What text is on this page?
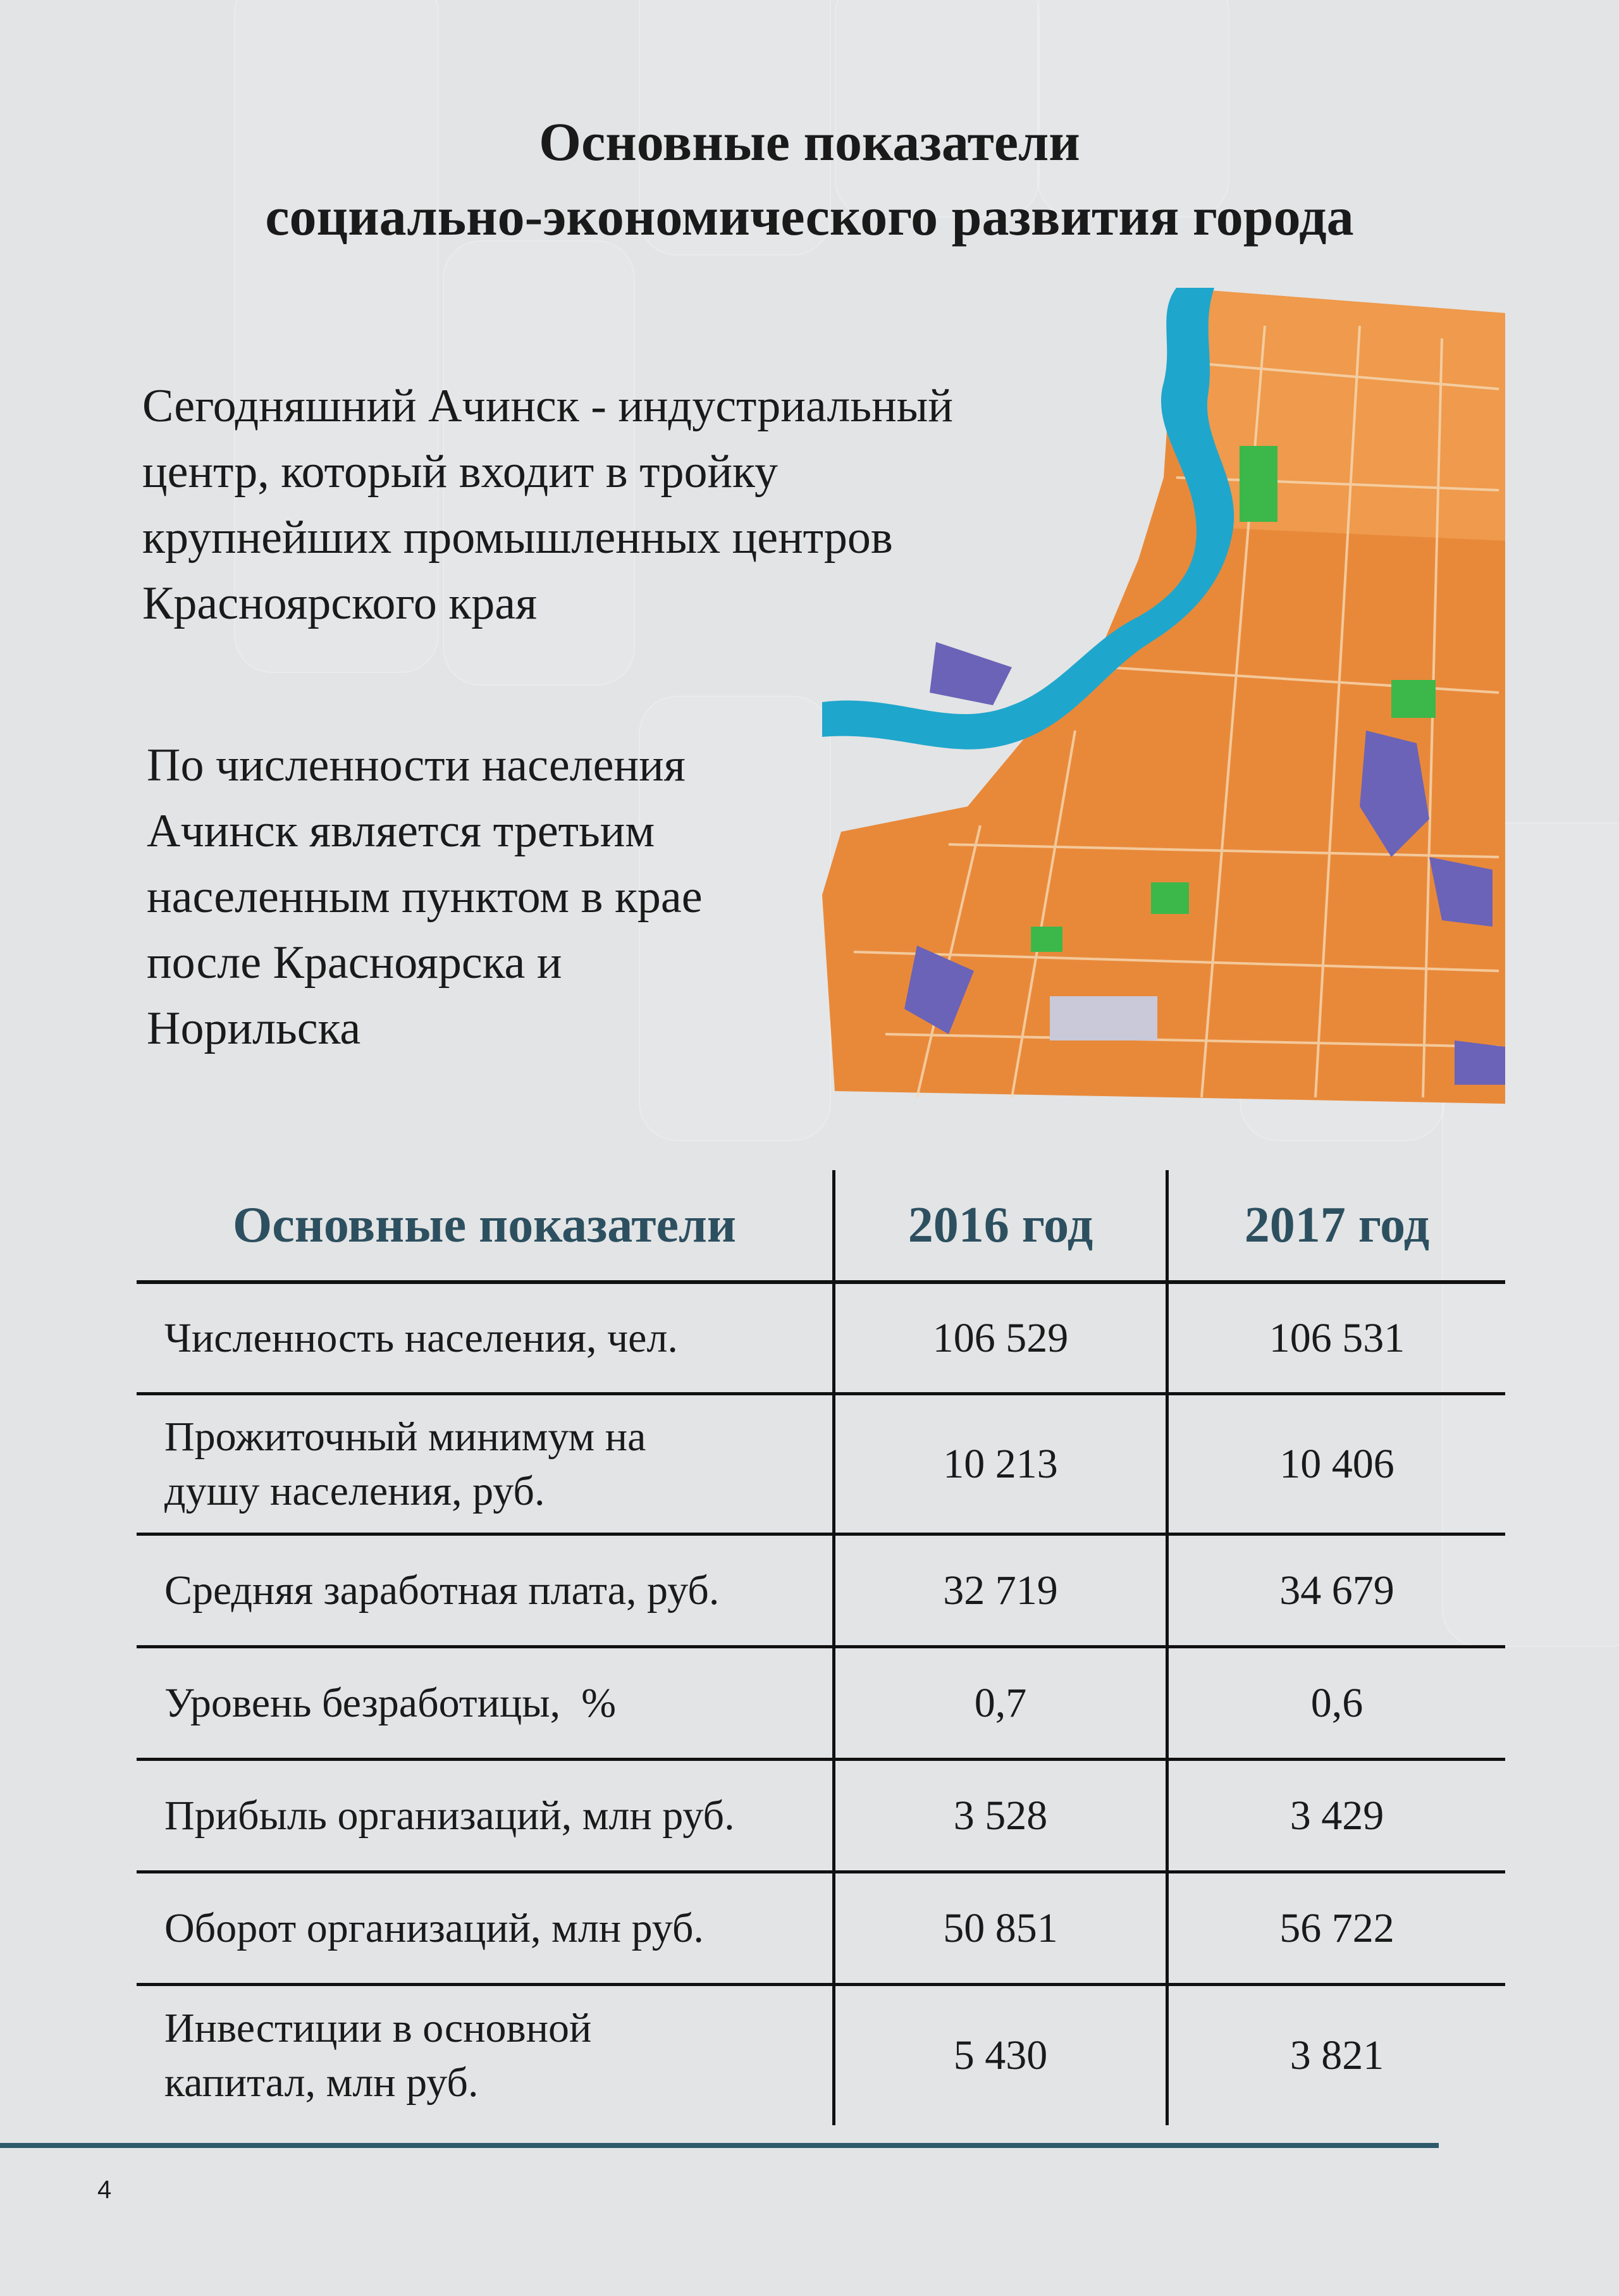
Основные показатели
социально-экономического развития города
Сегодняшний Ачинск - индустриальный
центр, который входит в тройку
крупнейших промышленных центров
Красноярского края
По численности населения
Ачинск является третьим
населенным пунктом в крае
после Красноярска и
Норильска
Основные показатели	2016 год	2017 год
Численность населения, чел.	106 529	106 531
Прожиточный минимум на
душу населения, руб.
10 213	10 406
Средняя заработная плата, руб.	32 719	34 679
Уровень безработицы,  %	0,7	0,6
Прибыль организаций, млн руб.	3 528	3 429
Оборот организаций, млн руб.	50 851	56 722
Инвестиции в основной
капитал, млн руб.
5 430	3 821
4
